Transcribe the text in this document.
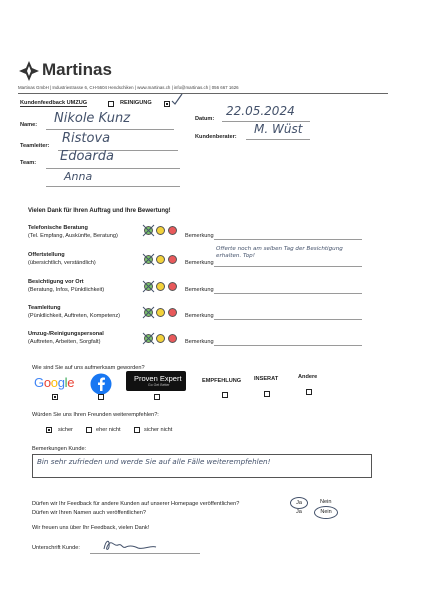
Martinas
Martinas GmbH | Industriestrasse 6, CH-5604 Hendschiken | www.martinas.ch | info@martinas.ch | 056 667 1626
Kundenfeedback UMZUG	REINIGUNG
Name: Nikole Kunz	Datum:
22.05.2024
Teamleiter: Ristova	Kundenberater:
M. Wüst
Team: Edoarda
Anna
Vielen Dank für Ihren Auftrag und Ihre Bewertung!
Telefonische Beratung
(Tel. Empfang, Auskünfte, Beratung)	Bemerkung
Offertstellung
(übersichtlich, verständlich)	Bemerkung
Offerte noch am selben Tag der Besichtigung erhalten. Top!
Besichtigung vor Ort
(Beratung, Infos, Pünktlichkeit)	Bemerkung
Teamleitung
(Pünktlichkeit, Auftreten, Kompetenz)	Bemerkung
Umzug-/Reinigungspersonal
(Auftreten, Arbeiten, Sorgfalt)	Bemerkung
Wie sind Sie auf uns aufmerksam geworden?
Google	Proven Expert
Go Get Better
EMPFEHLUNG INSERAT	Andere
Würden Sie uns Ihren Freunden weiterempfehlen?:
sicher	eher nicht	sicher nicht
Bemerkungen Kunde:
Bin sehr zufrieden und werde Sie auf alle Fälle weiterempfehlen!
Dürfen wir Ihr Feedback für andere Kunden auf unserer Homepage veröffentlichen?
Dürfen wir Ihren Namen auch veröffentlichen?
Ja	Nein
Ja	Nein
Wir freuen uns über Ihr Feedback, vielen Dank!
Unterschrift Kunde:
